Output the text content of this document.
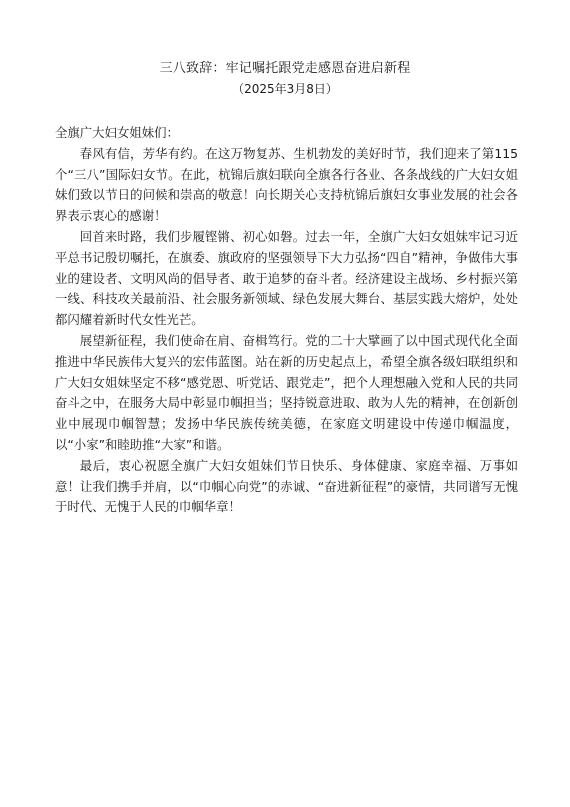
三八致辞：牢记嘱托跟党走感恩奋进启新程
（2025年3月8日）

全旗广大妇女姐妹们：

春风有信，芳华有约。在这万物复苏、生机勃发的美好时节，我们迎来了第115个“三八”国际妇女节。在此，杭锦后旗妇联向全旗各行各业、各条战线的广大妇女姐妹们致以节日的问候和崇高的敬意！向长期关心支持杭锦后旗妇女事业发展的社会各界表示衷心的感谢！

回首来时路，我们步履铿锵、初心如磐。过去一年，全旗广大妇女姐妹牢记习近平总书记殷切嘱托，在旗委、旗政府的坚强领导下大力弘扬“四自”精神，争做伟大事业的建设者、文明风尚的倡导者、敢于追梦的奋斗者。经济建设主战场、乡村振兴第一线、科技攻关最前沿、社会服务新领域、绿色发展大舞台、基层实践大熔炉，处处都闪耀着新时代女性光芒。

展望新征程，我们使命在肩、奋楫笃行。党的二十大擘画了以中国式现代化全面推进中华民族伟大复兴的宏伟蓝图。站在新的历史起点上，希望全旗各级妇联组织和广大妇女姐妹坚定不移“感党恩、听党话、跟党走”，把个人理想融入党和人民的共同奋斗之中，在服务大局中彰显巾帼担当；坚持锐意进取、敢为人先的精神，在创新创业中展现巾帼智慧；发扬中华民族传统美德，在家庭文明建设中传递巾帼温度，以“小家”和睦助推“大家”和谐。

最后，衷心祝愿全旗广大妇女姐妹们节日快乐、身体健康、家庭幸福、万事如意！让我们携手并肩，以“巾帼心向党”的赤诚、“奋进新征程”的豪情，共同谱写无愧于时代、无愧于人民的巾帼华章！
